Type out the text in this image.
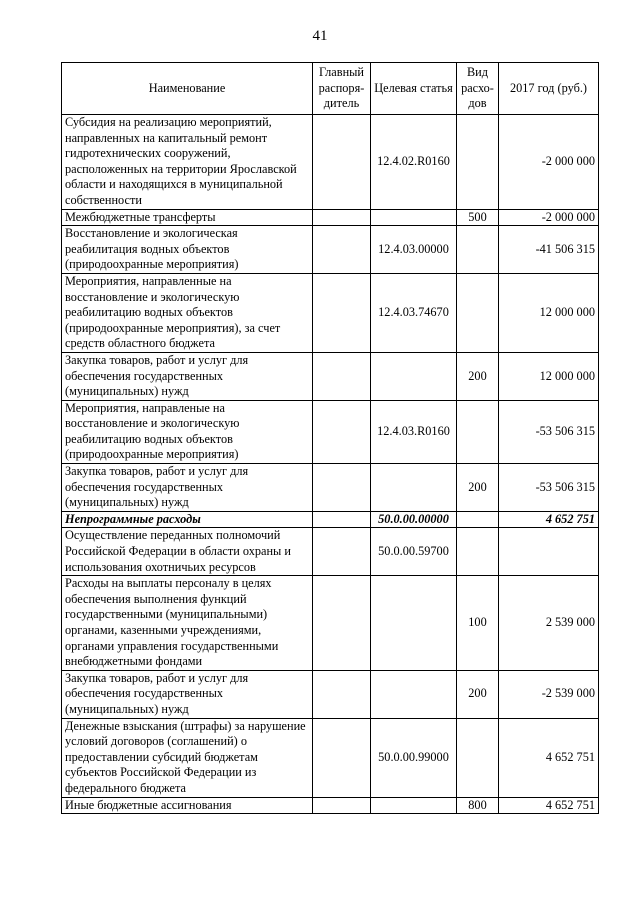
41
Наименование	Главный распоря-дитель	Целевая статья	Вид расхо-дов	2017 год (руб.)
Субсидия на реализацию мероприятий, направленных на капитальный ремонт гидротехнических сооружений, расположенных на территории Ярославской области и находящихся в муниципальной собственности		12.4.02.R0160		-2 000 000
Межбюджетные трансферты			500	-2 000 000
Восстановление и экологическая реабилитация водных объектов (природоохранные мероприятия)		12.4.03.00000		-41 506 315
Мероприятия, направленные на восстановление и экологическую реабилитацию водных объектов (природоохранные мероприятия), за счет средств областного бюджета		12.4.03.74670		12 000 000
Закупка товаров, работ и услуг для обеспечения государственных (муниципальных) нужд			200	12 000 000
Мероприятия, направленые на восстановление и экологическую реабилитацию водных объектов (природоохранные мероприятия)		12.4.03.R0160		-53 506 315
Закупка товаров, работ и услуг для обеспечения государственных (муниципальных) нужд			200	-53 506 315
Непрограммные расходы		50.0.00.00000		4 652 751
Осуществление переданных полномочий Российской Федерации в области охраны и использования охотничьих ресурсов		50.0.00.59700		
Расходы на выплаты персоналу в целях обеспечения выполнения функций государственными (муниципальными) органами, казенными учреждениями, органами управления государственными внебюджетными фондами			100	2 539 000
Закупка товаров, работ и услуг для обеспечения государственных (муниципальных) нужд			200	-2 539 000
Денежные взыскания (штрафы) за нарушение условий договоров (соглашений) о предоставлении субсидий бюджетам субъектов Российской Федерации из федерального бюджета		50.0.00.99000		4 652 751
Иные бюджетные ассигнования			800	4 652 751
